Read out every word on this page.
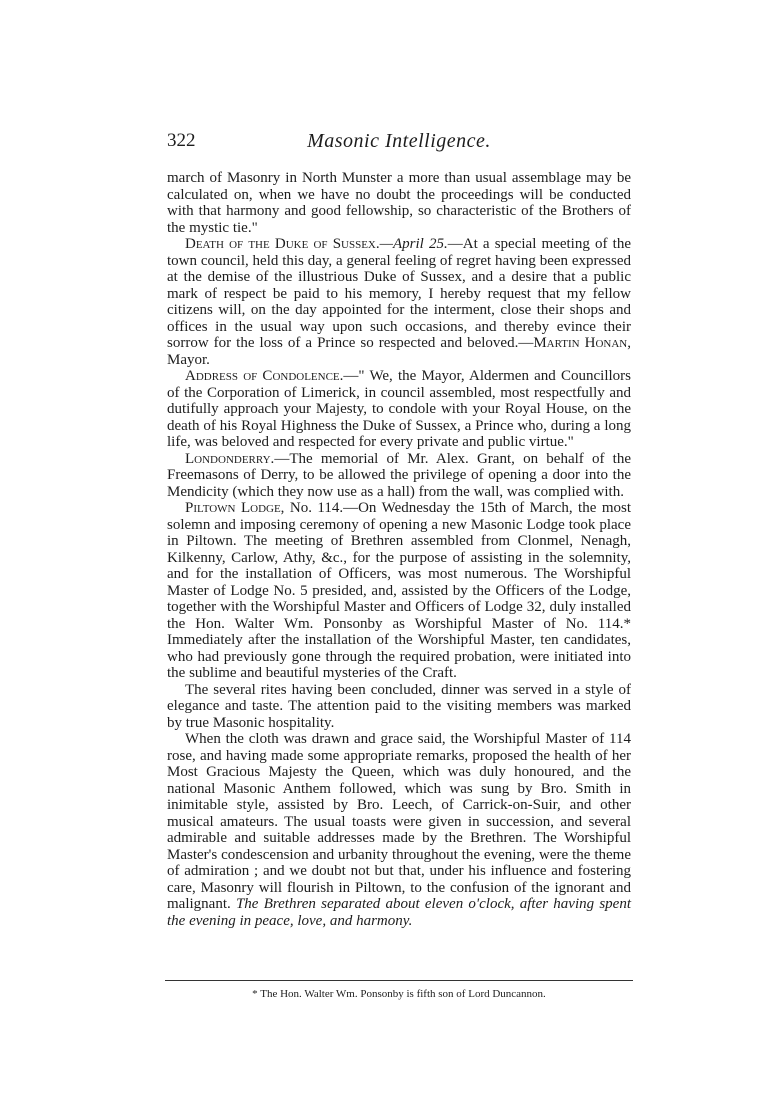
322	Masonic Intelligence.

march of Masonry in North Munster a more than usual assemblage may be calculated on, when we have no doubt the proceedings will be conducted with that harmony and good fellowship, so characteristic of the Brothers of the mystic tie."

Death of the Duke of Sussex.—April 25.—At a special meeting of the town council, held this day, a general feeling of regret having been expressed at the demise of the illustrious Duke of Sussex, and a desire that a public mark of respect be paid to his memory, I hereby request that my fellow citizens will, on the day appointed for the interment, close their shops and offices in the usual way upon such occasions, and thereby evince their sorrow for the loss of a Prince so respected and beloved.—Martin Honan, Mayor.

Address of Condolence.—" We, the Mayor, Aldermen and Councillors of the Corporation of Limerick, in council assembled, most respectfully and dutifully approach your Majesty, to condole with your Royal House, on the death of his Royal Highness the Duke of Sussex, a Prince who, during a long life, was beloved and respected for every private and public virtue."

Londonderry.—The memorial of Mr. Alex. Grant, on behalf of the Freemasons of Derry, to be allowed the privilege of opening a door into the Mendicity (which they now use as a hall) from the wall, was complied with.

Piltown Lodge, No. 114.—On Wednesday the 15th of March, the most solemn and imposing ceremony of opening a new Masonic Lodge took place in Piltown. The meeting of Brethren assembled from Clonmel, Nenagh, Kilkenny, Carlow, Athy, &c., for the purpose of assisting in the solemnity, and for the installation of Officers, was most numerous. The Worshipful Master of Lodge No. 5 presided, and, assisted by the Officers of the Lodge, together with the Worshipful Master and Officers of Lodge 32, duly installed the Hon. Walter Wm. Ponsonby as Worshipful Master of No. 114.* Immediately after the installation of the Worshipful Master, ten candidates, who had previously gone through the required probation, were initiated into the sublime and beautiful mysteries of the Craft.

The several rites having been concluded, dinner was served in a style of elegance and taste. The attention paid to the visiting members was marked by true Masonic hospitality.

When the cloth was drawn and grace said, the Worshipful Master of 114 rose, and having made some appropriate remarks, proposed the health of her Most Gracious Majesty the Queen, which was duly honoured, and the national Masonic Anthem followed, which was sung by Bro. Smith in inimitable style, assisted by Bro. Leech, of Carrick-on-Suir, and other musical amateurs. The usual toasts were given in succession, and several admirable and suitable addresses made by the Brethren. The Worshipful Master's condescension and urbanity throughout the evening, were the theme of admiration ; and we doubt not but that, under his influence and fostering care, Masonry will flourish in Piltown, to the confusion of the ignorant and malignant. The Brethren separated about eleven o'clock, after having spent the evening in peace, love, and harmony.

* The Hon. Walter Wm. Ponsonby is fifth son of Lord Duncannon.
